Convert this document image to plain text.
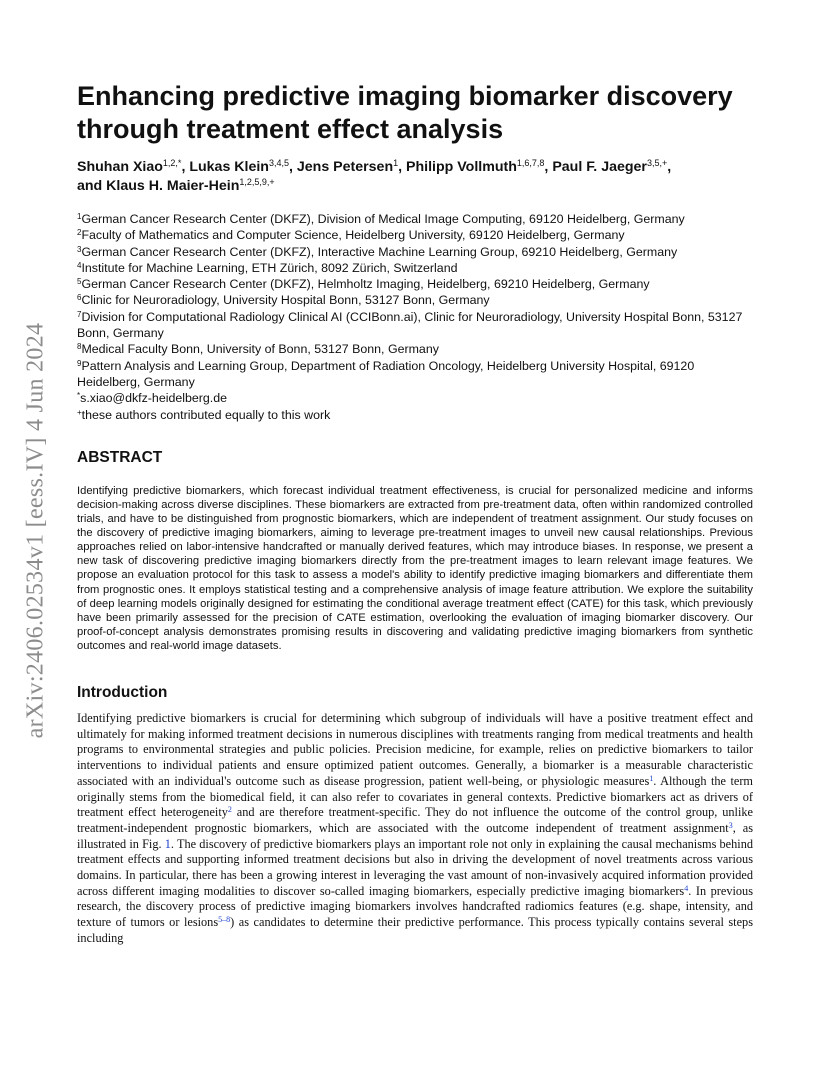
arXiv:2406.02534v1 [eess.IV] 4 Jun 2024
Enhancing predictive imaging biomarker discovery through treatment effect analysis
Shuhan Xiao$^{1,2,*}$, Lukas Klein$^{3,4,5}$, Jens Petersen$^1$, Philipp Vollmuth$^{1,6,7,8}$, Paul F. Jaeger$^{3,5,+}$,
and Klaus H. Maier-Hein$^{1,2,5,9,+}$
$^1$German Cancer Research Center (DKFZ), Division of Medical Image Computing, 69120 Heidelberg, Germany
$^2$Faculty of Mathematics and Computer Science, Heidelberg University, 69120 Heidelberg, Germany
$^3$German Cancer Research Center (DKFZ), Interactive Machine Learning Group, 69210 Heidelberg, Germany
$^4$Institute for Machine Learning, ETH Zürich, 8092 Zürich, Switzerland
$^5$German Cancer Research Center (DKFZ), Helmholtz Imaging, Heidelberg, 69210 Heidelberg, Germany
$^6$Clinic for Neuroradiology, University Hospital Bonn, 53127 Bonn, Germany
$^7$Division for Computational Radiology Clinical AI (CCIBonn.ai), Clinic for Neuroradiology, University Hospital Bonn, 53127 Bonn, Germany
$^8$Medical Faculty Bonn, University of Bonn, 53127 Bonn, Germany
$^9$Pattern Analysis and Learning Group, Department of Radiation Oncology, Heidelberg University Hospital, 69120 Heidelberg, Germany
*s.xiao@dkfz-heidelberg.de
+these authors contributed equally to this work
ABSTRACT

Identifying predictive biomarkers, which forecast individual treatment effectiveness, is crucial for personalized medicine and informs decision-making across diverse disciplines. These biomarkers are extracted from pre-treatment data, often within randomized controlled trials, and have to be distinguished from prognostic biomarkers, which are independent of treatment assignment. Our study focuses on the discovery of predictive imaging biomarkers, aiming to leverage pre-treatment images to unveil new causal relationships. Previous approaches relied on labor-intensive handcrafted or manually derived features, which may introduce biases. In response, we present a new task of discovering predictive imaging biomarkers directly from the pre-treatment images to learn relevant image features. We propose an evaluation protocol for this task to assess a model's ability to identify predictive imaging biomarkers and differentiate them from prognostic ones. It employs statistical testing and a comprehensive analysis of image feature attribution. We explore the suitability of deep learning models originally designed for estimating the conditional average treatment effect (CATE) for this task, which previously have been primarily assessed for the precision of CATE estimation, overlooking the evaluation of imaging biomarker discovery. Our proof-of-concept analysis demonstrates promising results in discovering and validating predictive imaging biomarkers from synthetic outcomes and real-world image datasets.

Introduction

Identifying predictive biomarkers is crucial for determining which subgroup of individuals will have a positive treatment effect and ultimately for making informed treatment decisions in numerous disciplines with treatments ranging from medical treatments and health programs to environmental strategies and public policies. Precision medicine, for example, relies on predictive biomarkers to tailor interventions to individual patients and ensure optimized patient outcomes. Generally, a biomarker is a measurable characteristic associated with an individual's outcome such as disease progression, patient well-being, or physiologic measures$^1$. Although the term originally stems from the biomedical field, it can also refer to covariates in general contexts. Predictive biomarkers act as drivers of treatment effect heterogeneity$^2$ and are therefore treatment-specific. They do not influence the outcome of the control group, unlike treatment-independent prognostic biomarkers, which are associated with the outcome independent of treatment assignment$^3$, as illustrated in Fig. 1. The discovery of predictive biomarkers plays an important role not only in explaining the causal mechanisms behind treatment effects and supporting informed treatment decisions but also in driving the development of novel treatments across various domains. In particular, there has been a growing interest in leveraging the vast amount of non-invasively acquired information provided across different imaging modalities to discover so-called imaging biomarkers, especially predictive imaging biomarkers$^4$. In previous research, the discovery process of predictive imaging biomarkers involves handcrafted radiomics features (e.g. shape, intensity, and texture of tumors or lesions$^{5-8}$) as candidates to determine their predictive performance. This process typically contains several steps including
